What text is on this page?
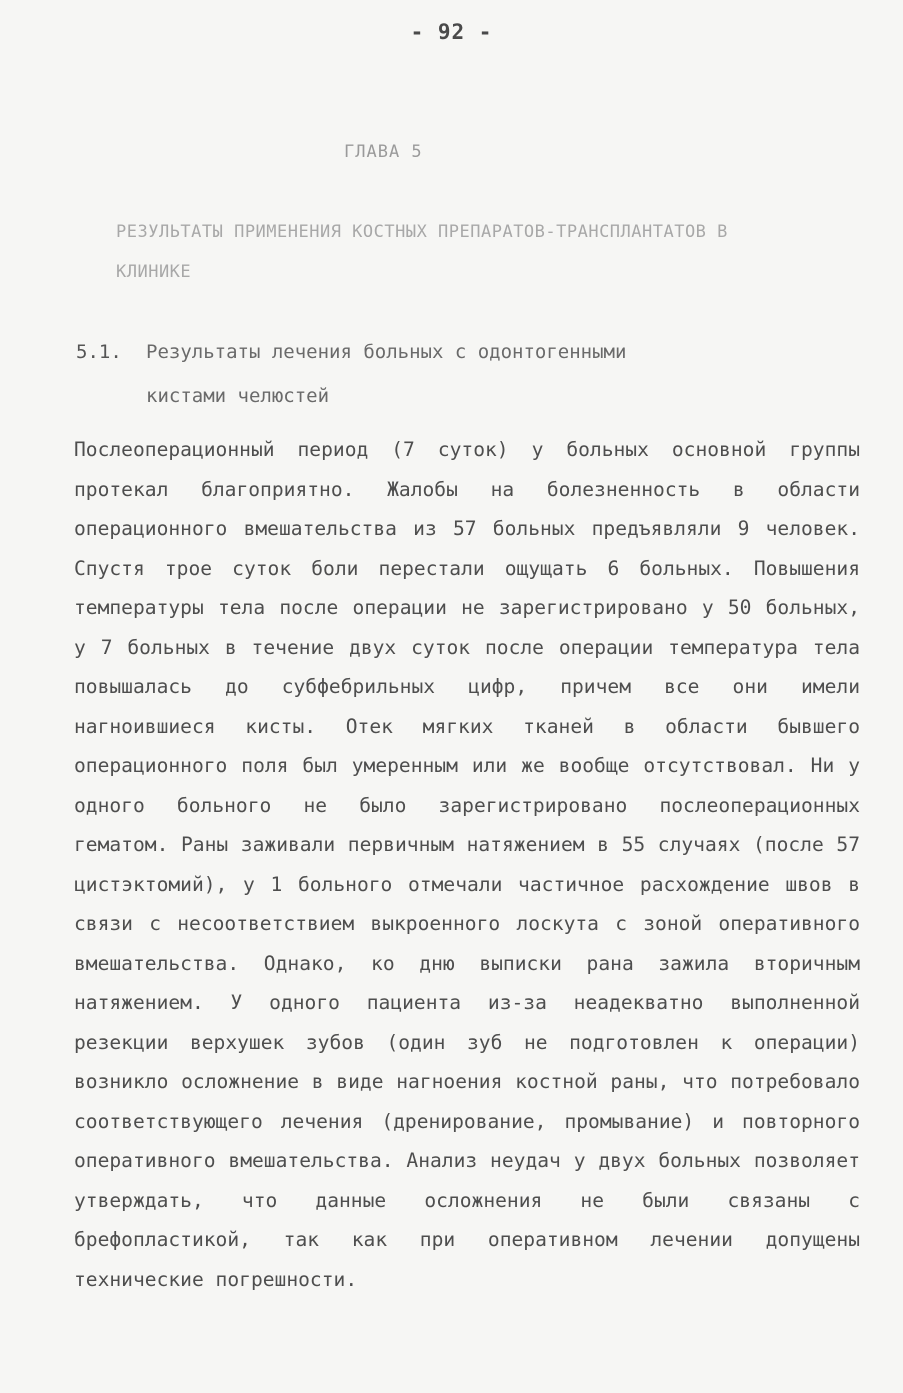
- 92 -
ГЛАВА 5
РЕЗУЛЬТАТЫ ПРИМЕНЕНИЯ КОСТНЫХ ПРЕПАРАТОВ-ТРАНСПЛАНТАТОВ В КЛИНИКЕ
5.1. Результаты лечения больных с одонтогенными
кистами челюстей

Послеоперационный период (7 суток) у больных основной группы протекал благоприятно. Жалобы на болезненность в области операционного вмешательства из 57 больных предъявляли 9 человек. Спустя трое суток боли перестали ощущать 6 больных. Повышения температуры тела после операции не зарегистрировано у 50 больных, у 7 больных в течение двух суток после операции температура тела повышалась до субфебрильных цифр, причем все они имели нагноившиеся кисты. Отек мягких тканей в области бывшего операционного поля был умеренным или же вообще отсутствовал. Ни у одного больного не было зарегистрировано послеоперационных гематом. Раны заживали первичным натяжением в 55 случаях (после 57 цистэктомий), у 1 больного отмечали частичное расхождение швов в связи с несоответствием выкроенного лоскута с зоной оперативного вмешательства. Однако, ко дню выписки рана зажила вторичным натяжением. У одного пациента из-за неадекватно выполненной резекции верхушек зубов (один зуб не подготовлен к операции) возникло осложнение в виде нагноения костной раны, что потребовало соответствующего лечения (дренирование, промывание) и повторного оперативного вмешательства. Анализ неудач у двух больных позволяет утверждать, что данные осложнения не были связаны с брефопластикой, так как при оперативном лечении допущены технические погрешности.
